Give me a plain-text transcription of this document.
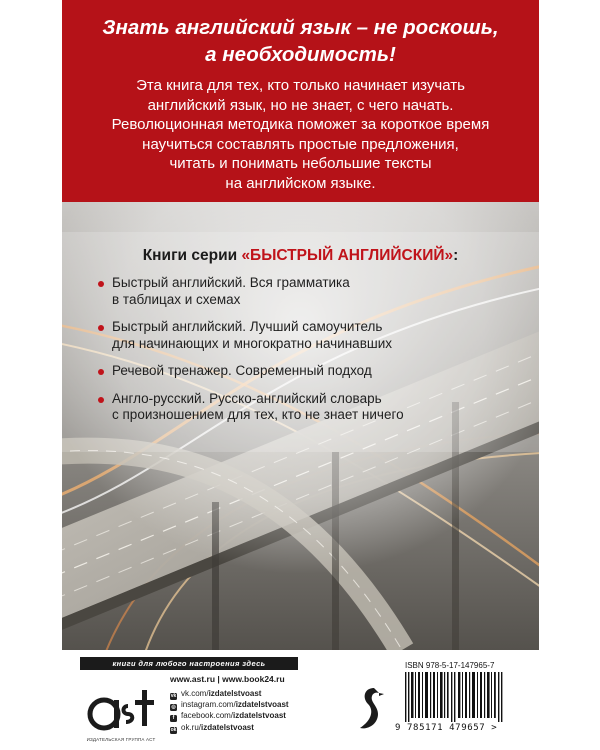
Знать английский язык – не роскошь,
а необходимость!
Эта книга для тех, кто только начинает изучать
английский язык, но не знает, с чего начать.
Революционная методика поможет за короткое время
научиться составлять простые предложения,
читать и понимать небольшие тексты
на английском языке.
Книги серии «БЫСТРЫЙ АНГЛИЙСКИЙ»:
Быстрый английский. Вся грамматика
в таблицах и схемах
Быстрый английский. Лучший самоучитель
для начинающих и многократно начинавших
Речевой тренажер. Современный подход
Англо-русский. Русско-английский словарь
с произношением для тех, кто не знает ничего
книги для любого настроения здесь
ИЗДАТЕЛЬСКАЯ ГРУППА АСТ
www.ast.ru | www.book24.ru
vk vk.com/izdatelstvoast
◎ instagram.com/izdatelstvoast
f facebook.com/izdatelstvoast
ok ok.ru/izdatelstvoast
ISBN 978-5-17-147965-7
9 785171 479657 >
